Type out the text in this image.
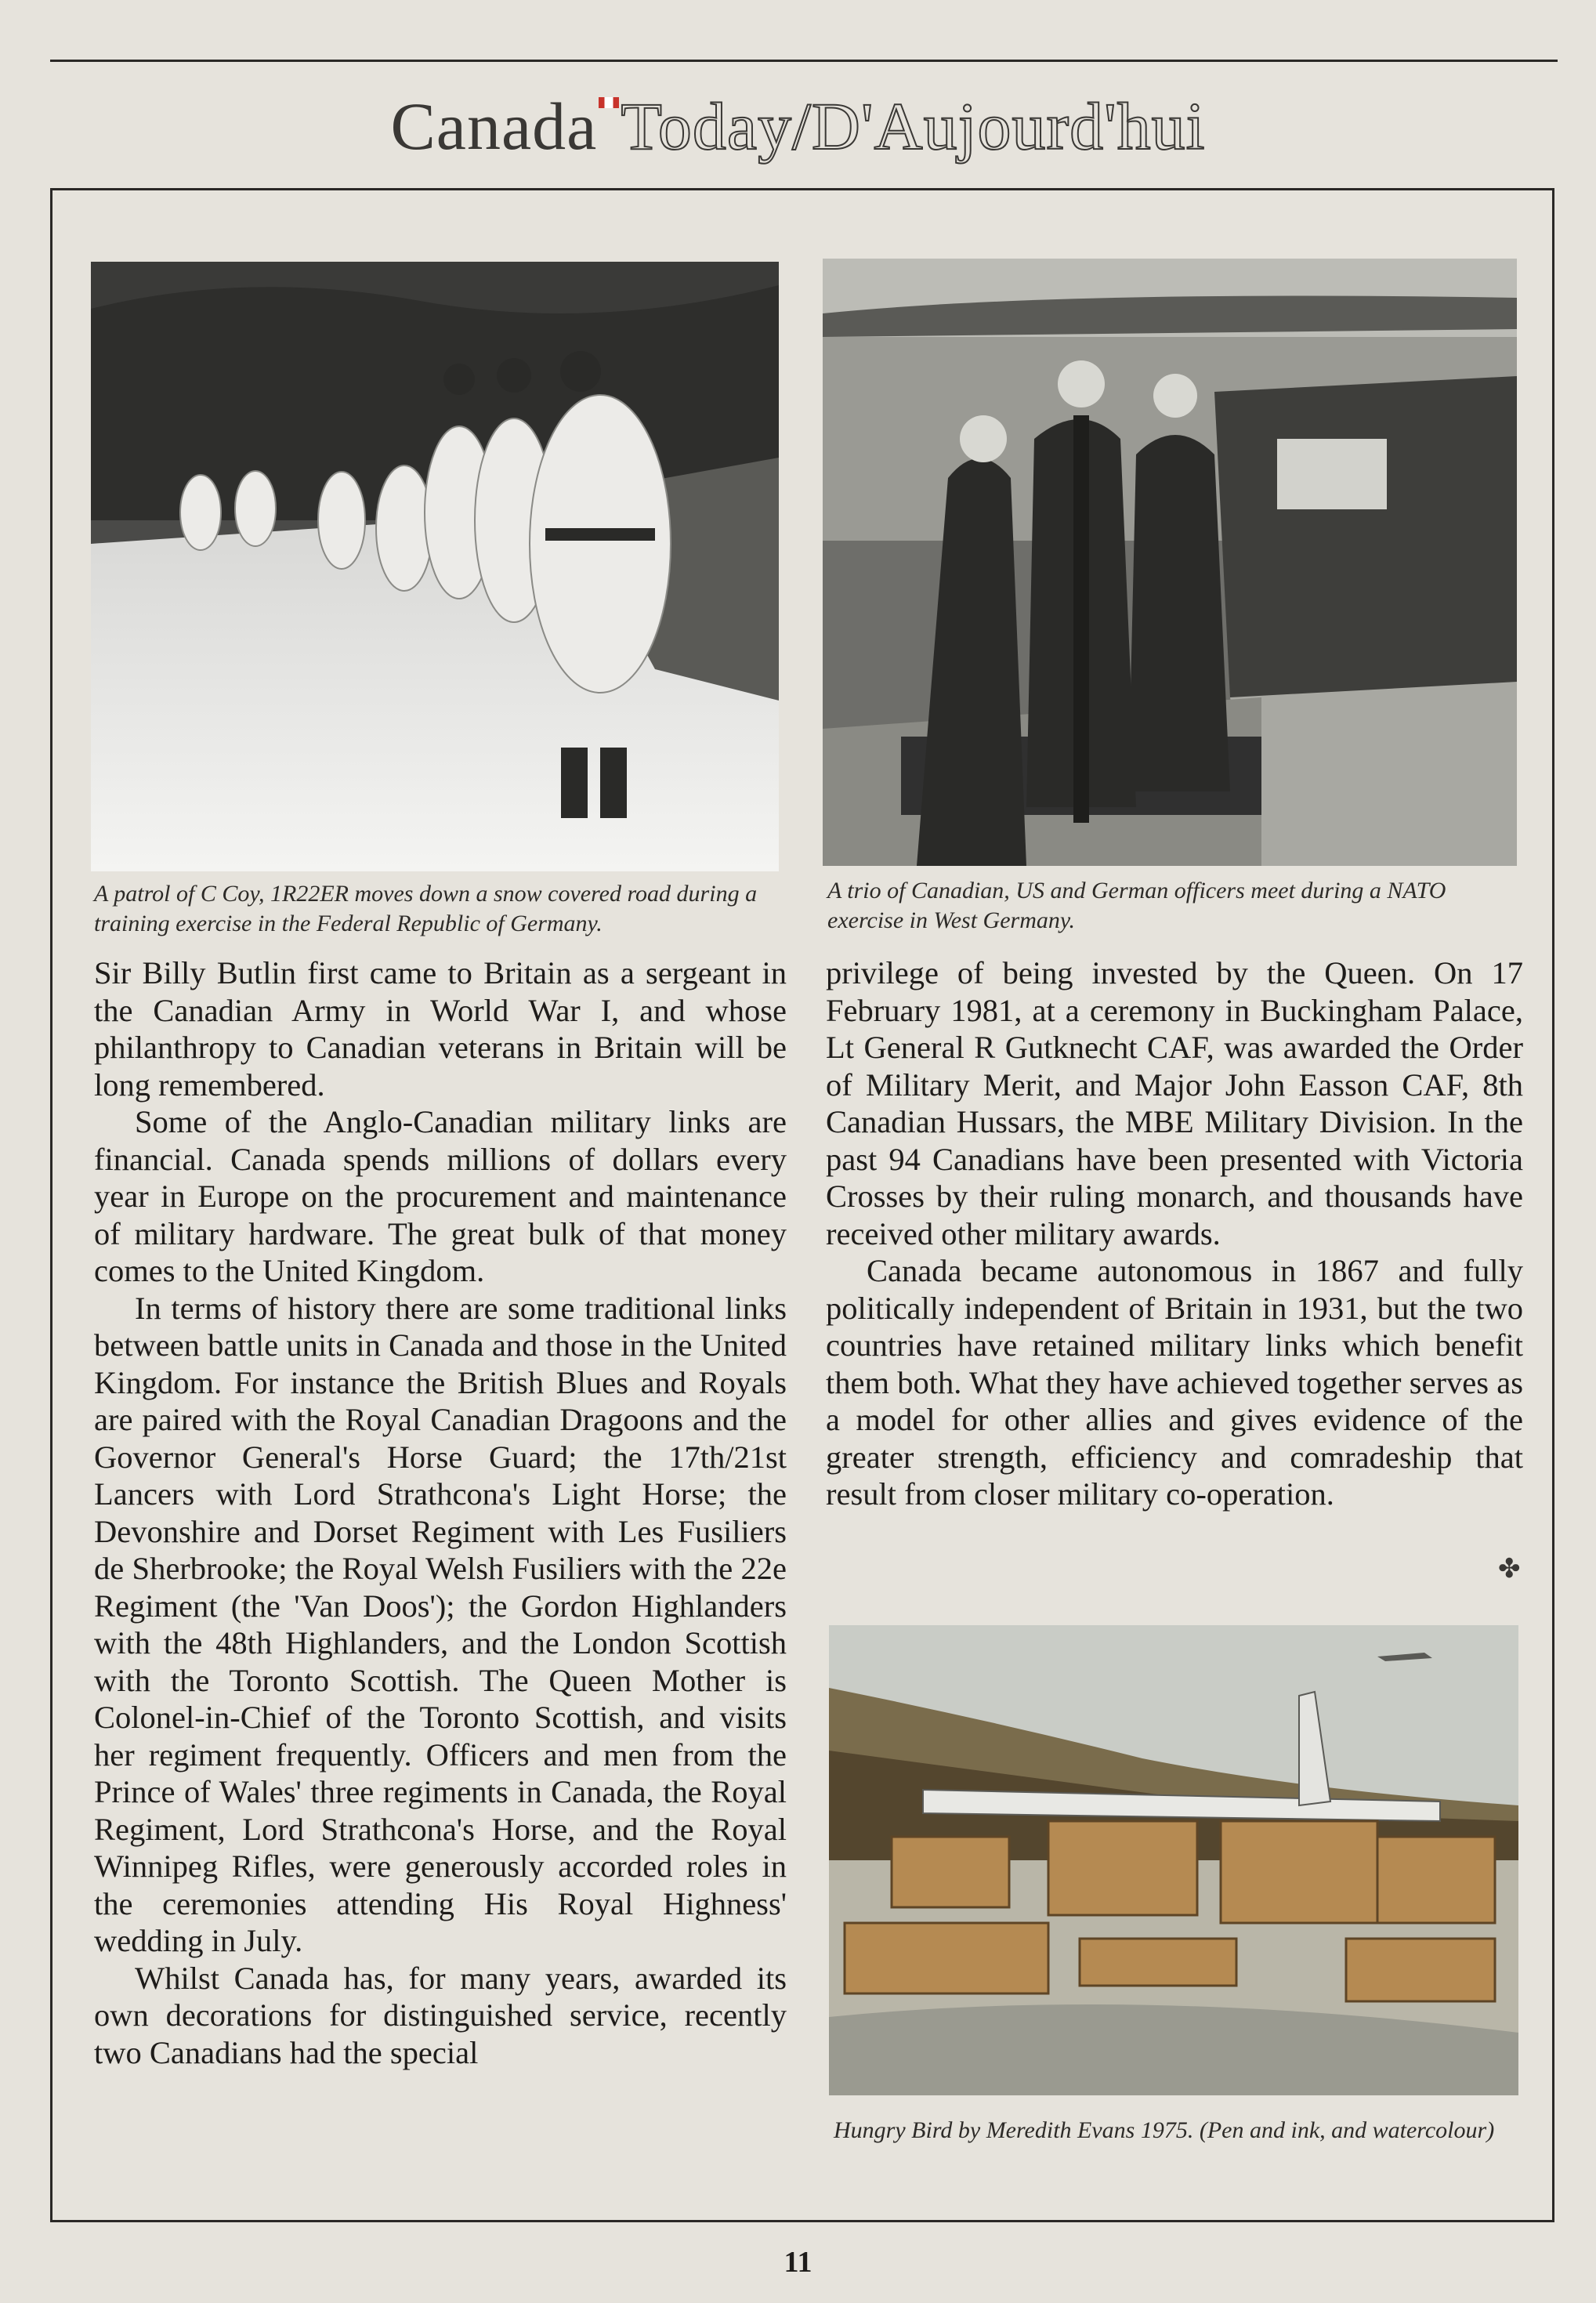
Canada Today/D'Aujourd'hui
A patrol of C Coy, 1R22ER moves down a snow covered road during a training exercise in the Federal Republic of Germany.
A trio of Canadian, US and German officers meet during a NATO exercise in West Germany.

Sir Billy Butlin first came to Britain as a sergeant in the Canadian Army in World War I, and whose philanthropy to Canadian veterans in Britain will be long remembered.

Some of the Anglo-Canadian military links are financial. Canada spends millions of dollars every year in Europe on the procurement and maintenance of military hardware. The great bulk of that money comes to the United Kingdom.

In terms of history there are some traditional links between battle units in Canada and those in the United Kingdom. For instance the British Blues and Royals are paired with the Royal Canadian Dragoons and the Governor General's Horse Guard; the 17th/21st Lancers with Lord Strathcona's Light Horse; the Devonshire and Dorset Regiment with Les Fusiliers de Sherbrooke; the Royal Welsh Fusiliers with the 22e Regiment (the 'Van Doos'); the Gordon Highlanders with the 48th Highlanders, and the London Scottish with the Toronto Scottish. The Queen Mother is Colonel-in-Chief of the Toronto Scottish, and visits her regiment frequently. Officers and men from the Prince of Wales' three regiments in Canada, the Royal Regiment, Lord Strathcona's Horse, and the Royal Winnipeg Rifles, were generously accorded roles in the ceremonies attending His Royal Highness' wedding in July.

Whilst Canada has, for many years, awarded its own decorations for distinguished service, recently two Canadians had the special

privilege of being invested by the Queen. On 17 February 1981, at a ceremony in Buckingham Palace, Lt General R Gutknecht CAF, was awarded the Order of Military Merit, and Major John Easson CAF, 8th Canadian Hussars, the MBE Military Division. In the past 94 Canadians have been presented with Victoria Crosses by their ruling monarch, and thousands have received other military awards.

Canada became autonomous in 1867 and fully politically independent of Britain in 1931, but the two countries have retained military links which benefit them both. What they have achieved together serves as a model for other allies and gives evidence of the greater strength, efficiency and comradeship that result from closer military co-operation.

✤
Hungry Bird by Meredith Evans 1975. (Pen and ink, and watercolour)
11
